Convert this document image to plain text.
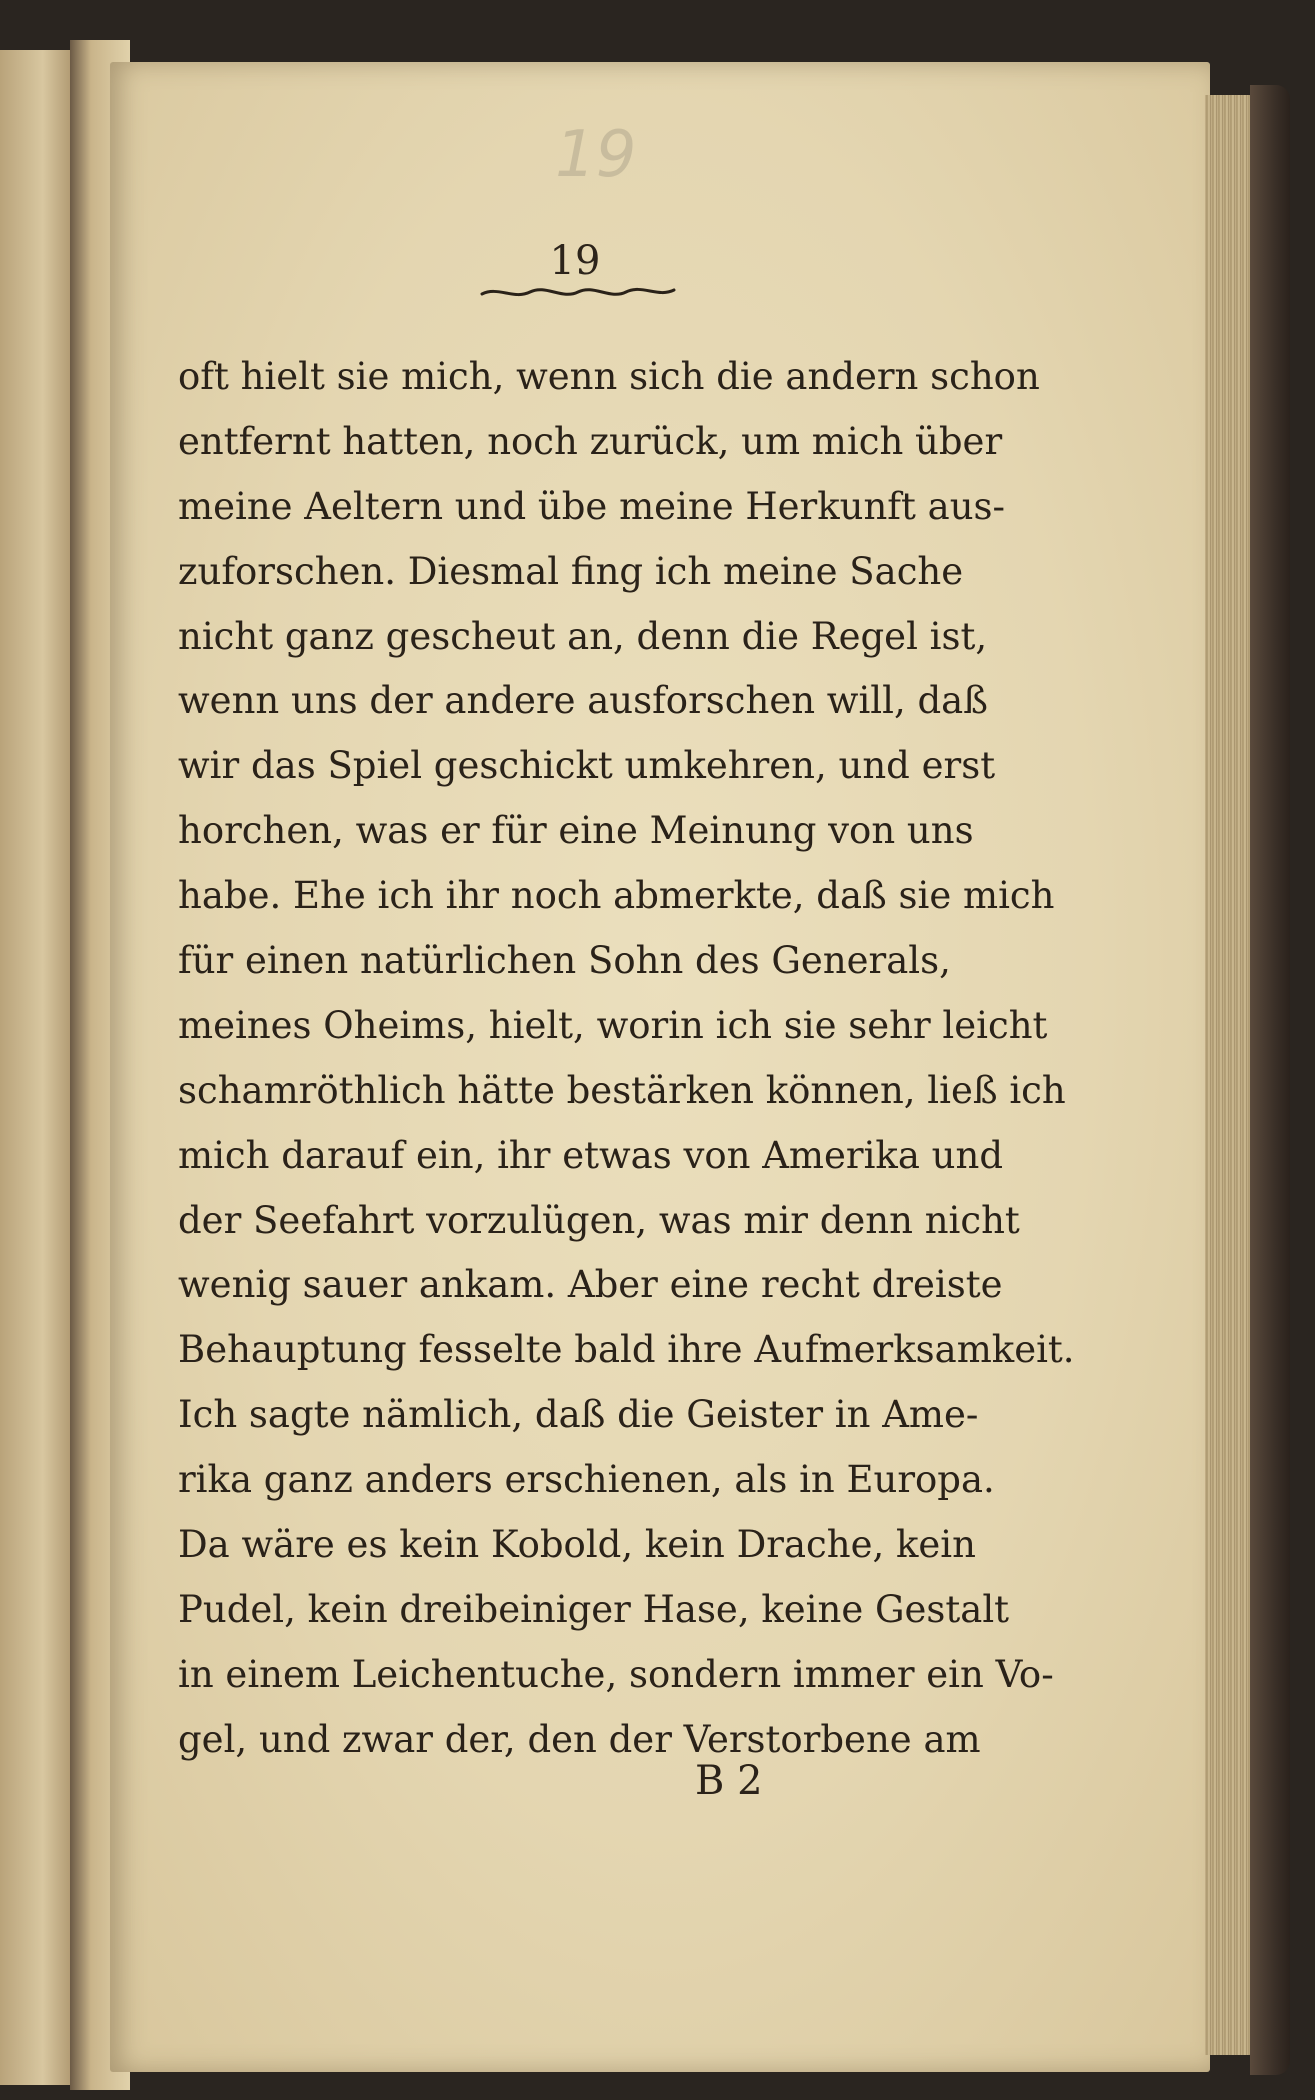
19
19
oft hielt sie mich, wenn sich die andern schon
entfernt hatten, noch zurück, um mich über
meine Aeltern und übe meine Herkunft aus-
zuforschen. Diesmal fing ich meine Sache
nicht ganz gescheut an, denn die Regel ist,
wenn uns der andere ausforschen will, daß
wir das Spiel geschickt umkehren, und erst
horchen, was er für eine Meinung von uns
habe. Ehe ich ihr noch abmerkte, daß sie mich
für einen natürlichen Sohn des Generals,
meines Oheims, hielt, worin ich sie sehr leicht
schamröthlich hätte bestärken können, ließ ich
mich darauf ein, ihr etwas von Amerika und
der Seefahrt vorzulügen, was mir denn nicht
wenig sauer ankam. Aber eine recht dreiste
Behauptung fesselte bald ihre Aufmerksamkeit.
Ich sagte nämlich, daß die Geister in Ame-
rika ganz anders erschienen, als in Europa.
Da wäre es kein Kobold, kein Drache, kein
Pudel, kein dreibeiniger Hase, keine Gestalt
in einem Leichentuche, sondern immer ein Vo-
gel, und zwar der, den der Verstorbene am
B 2
